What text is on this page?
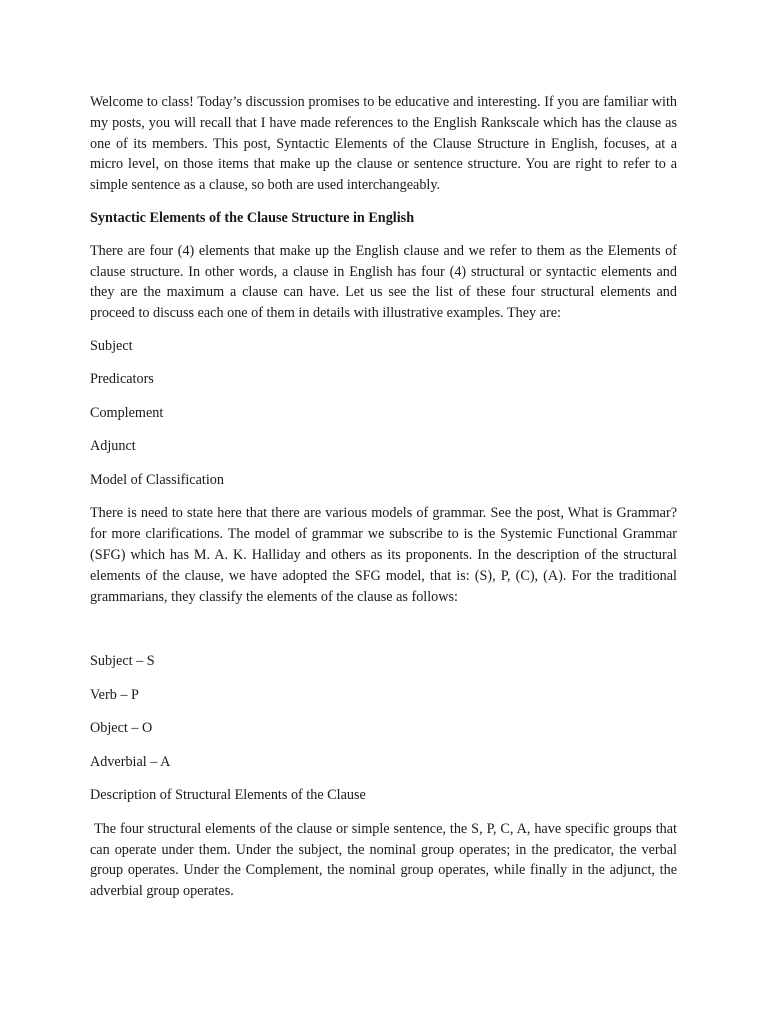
Welcome to class! Today’s discussion promises to be educative and interesting. If you are familiar with my posts, you will recall that I have made references to the English Rankscale which has the clause as one of its members. This post, Syntactic Elements of the Clause Structure in English, focuses, at a micro level, on those items that make up the clause or sentence structure. You are right to refer to a simple sentence as a clause, so both are used interchangeably.

Syntactic Elements of the Clause Structure in English

There are four (4) elements that make up the English clause and we refer to them as the Elements of clause structure. In other words, a clause in English has four (4) structural or syntactic elements and they are the maximum a clause can have. Let us see the list of these four structural elements and proceed to discuss each one of them in details with illustrative examples. They are:

Subject

Predicators

Complement

Adjunct

Model of Classification

There is need to state here that there are various models of grammar. See the post, What is Grammar? for more clarifications. The model of grammar we subscribe to is the Systemic Functional Grammar (SFG) which has M. A. K. Halliday and others as its proponents. In the description of the structural elements of the clause, we have adopted the SFG model, that is: (S), P, (C), (A). For the traditional grammarians, they classify the elements of the clause as follows:

Subject – S

Verb – P

Object – O

Adverbial – A

Description of Structural Elements of the Clause

The four structural elements of the clause or simple sentence, the S, P, C, A, have specific groups that can operate under them. Under the subject, the nominal group operates; in the predicator, the verbal group operates. Under the Complement, the nominal group operates, while finally in the adjunct, the adverbial group operates.
